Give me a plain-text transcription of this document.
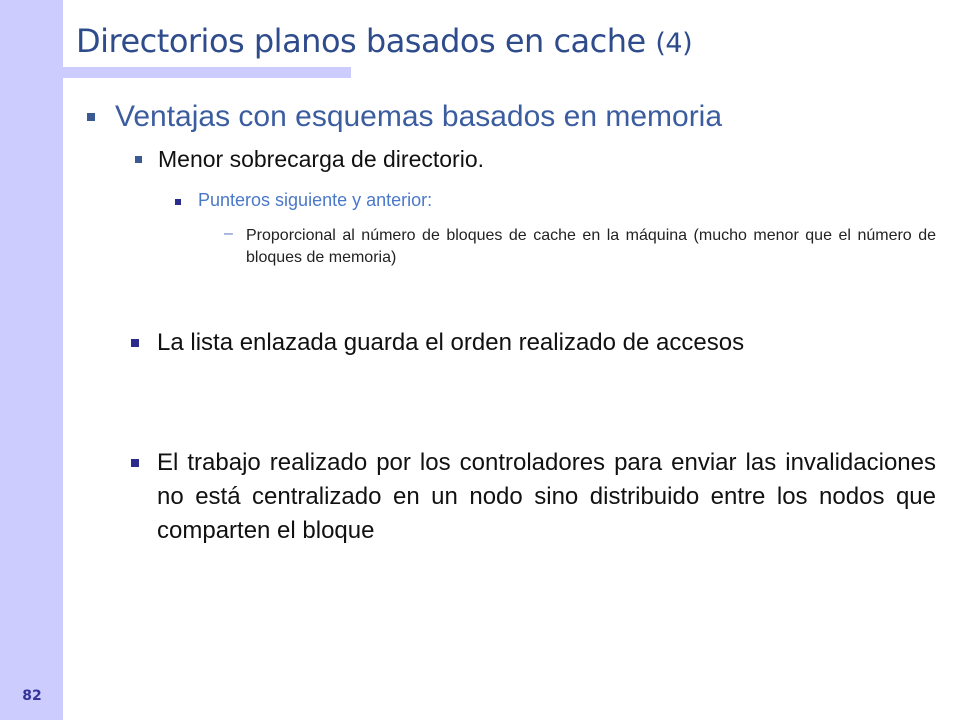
Directorios planos basados en cache (4)

Ventajas con esquemas basados en memoria

Menor sobrecarga de directorio.

Punteros siguiente y anterior:

– Proporcional al número de bloques de cache en la máquina (mucho menor que el número de bloques de memoria)

La lista enlazada guarda el orden realizado de accesos

El trabajo realizado por los controladores para enviar las invalidaciones no está centralizado en un nodo sino distribuido entre los nodos que comparten el bloque

82
